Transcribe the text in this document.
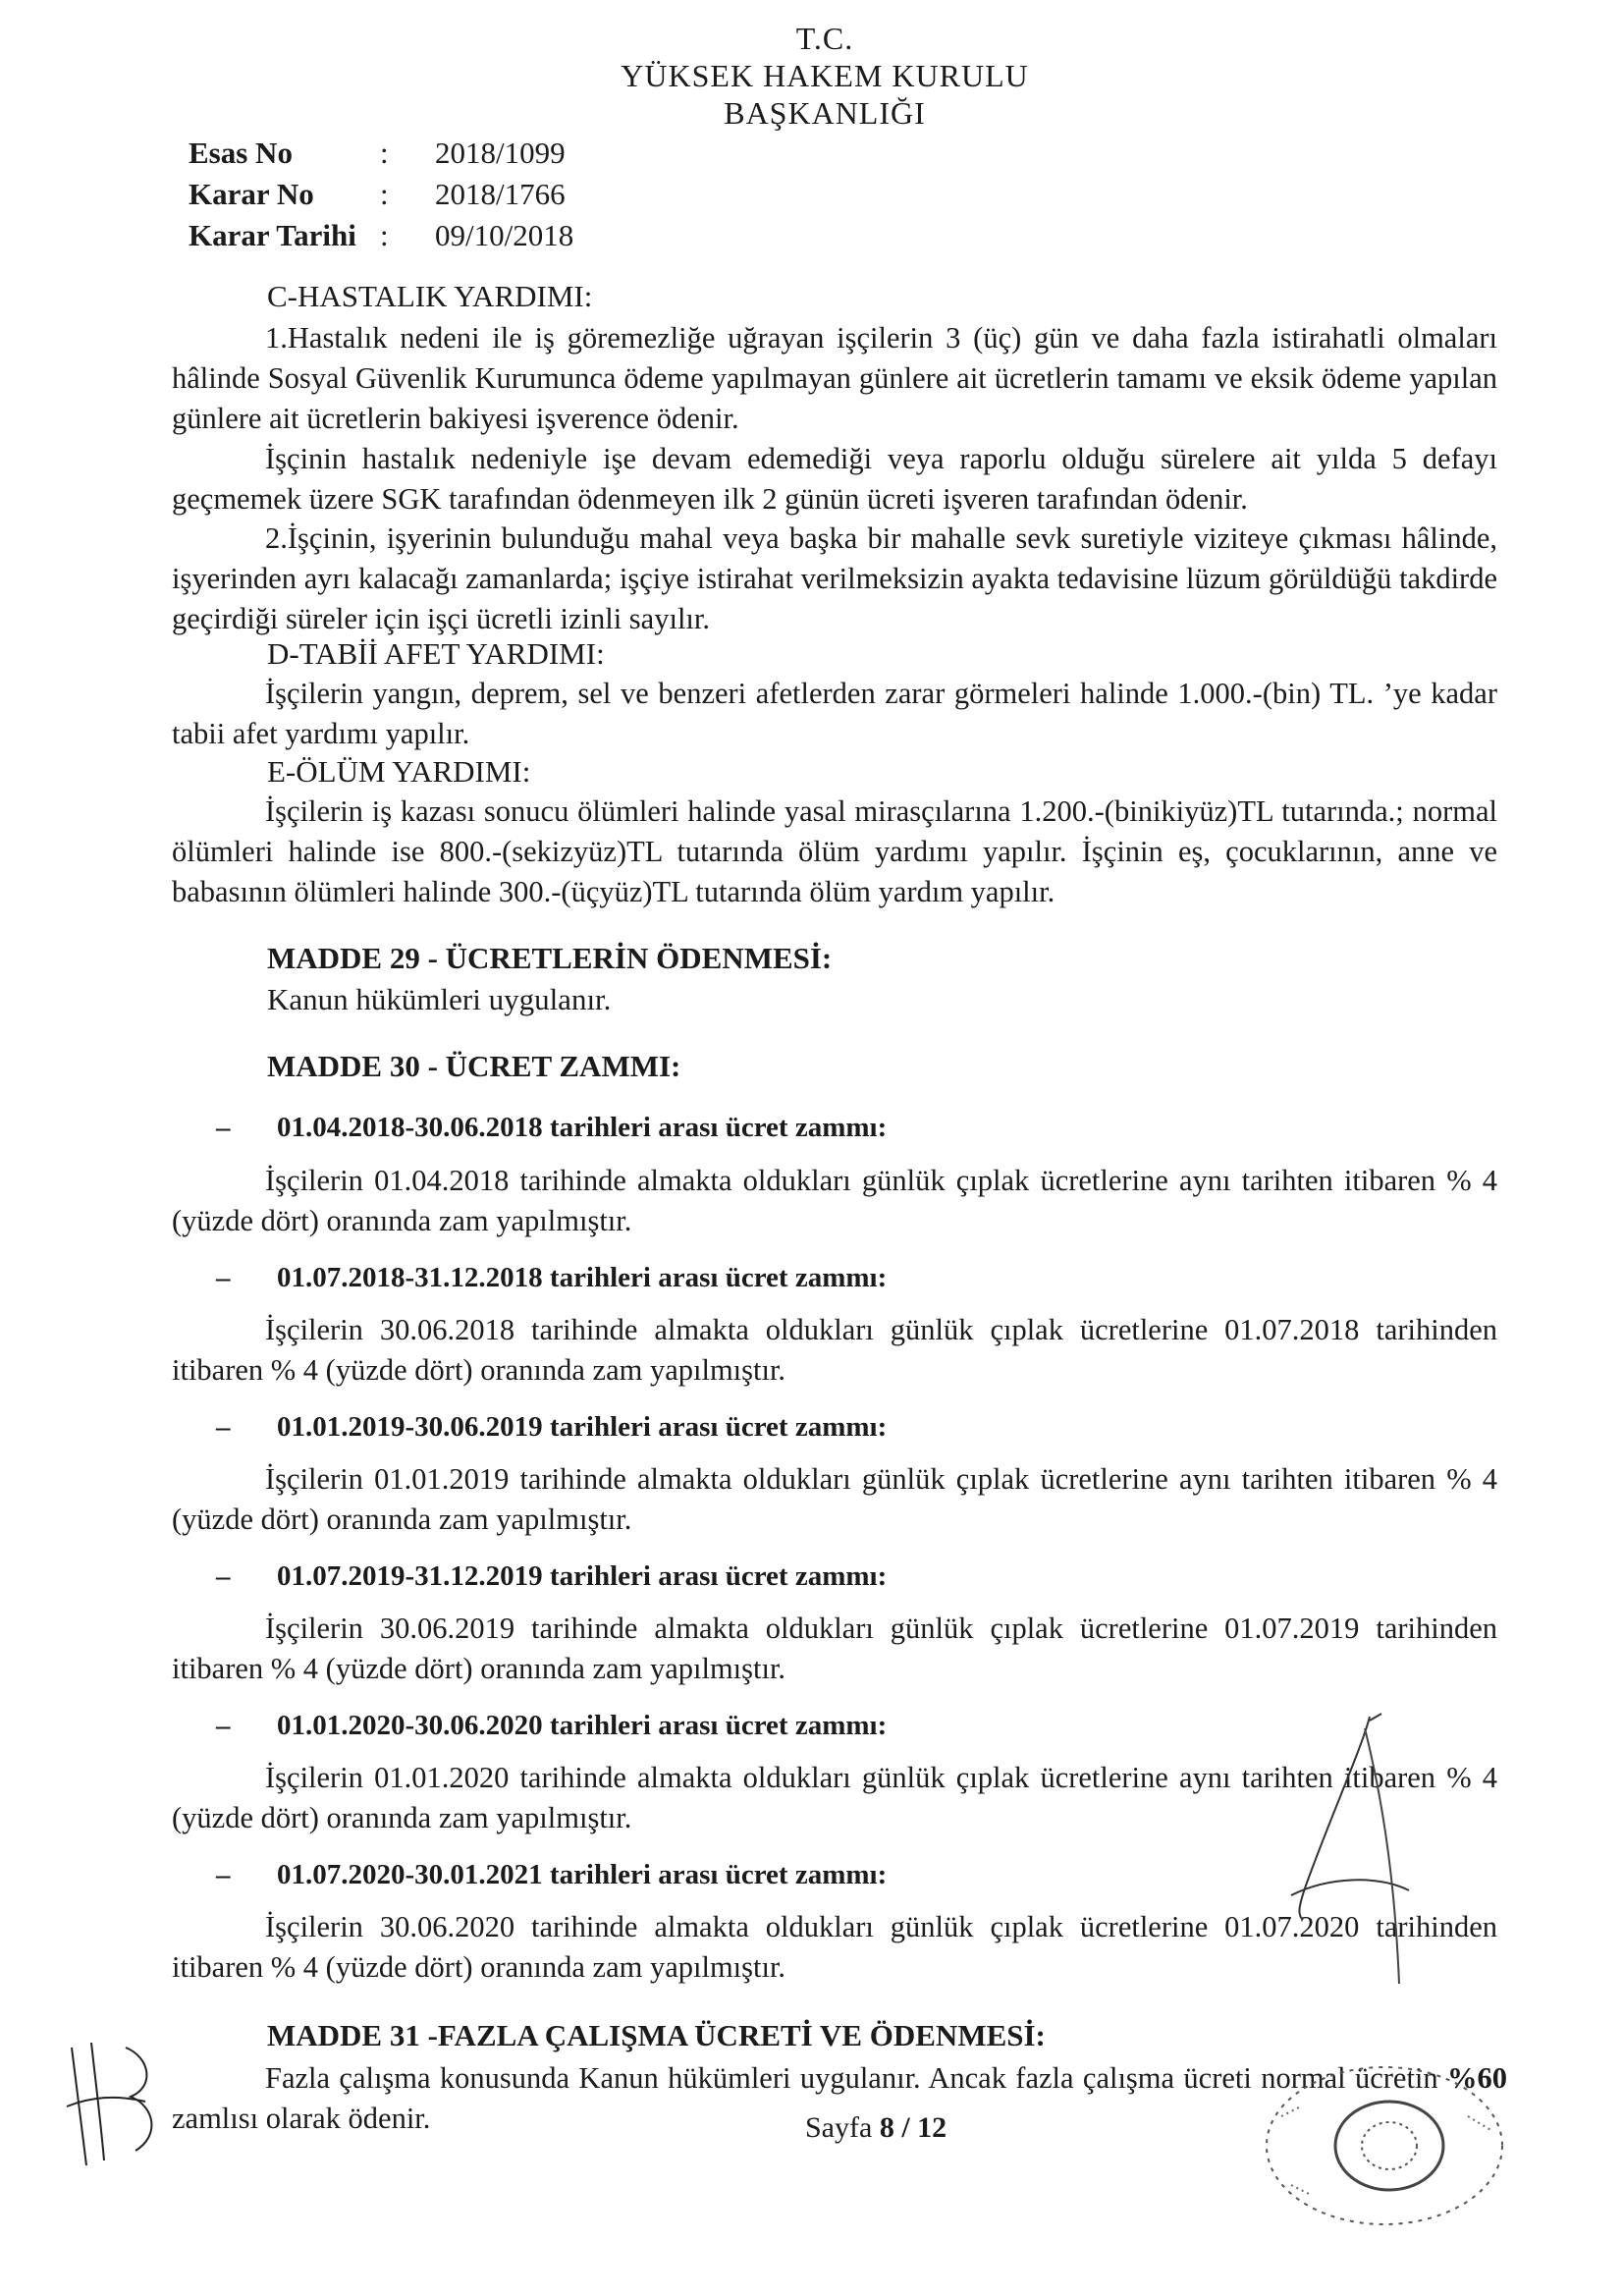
T.C.
YÜKSEK HAKEM KURULU
BAŞKANLIĞI
Esas No	:	2018/1099
Karar No	:	2018/1766
Karar Tarihi :	09/10/2018
C-HASTALIK YARDIMI:
1.Hastalık nedeni ile iş göremezliğe uğrayan işçilerin 3 (üç) gün ve daha fazla istirahatli olmaları hâlinde Sosyal Güvenlik Kurumunca ödeme yapılmayan günlere ait ücretlerin tamamı ve eksik ödeme yapılan günlere ait ücretlerin bakiyesi işverence ödenir.
İşçinin hastalık nedeniyle işe devam edemediği veya raporlu olduğu sürelere ait yılda 5 defayı geçmemek üzere SGK tarafından ödenmeyen ilk 2 günün ücreti işveren tarafından ödenir.
2.İşçinin, işyerinin bulunduğu mahal veya başka bir mahalle sevk suretiyle viziteye çıkması hâlinde, işyerinden ayrı kalacağı zamanlarda; işçiye istirahat verilmeksizin ayakta tedavisine lüzum görüldüğü takdirde geçirdiği süreler için işçi ücretli izinli sayılır.
D-TABİİ AFET YARDIMI:
İşçilerin yangın, deprem, sel ve benzeri afetlerden zarar görmeleri halinde 1.000.-(bin) TL. ’ye kadar tabii afet yardımı yapılır.
E-ÖLÜM YARDIMI:
İşçilerin iş kazası sonucu ölümleri halinde yasal mirasçılarına 1.200.-(binikiyüz)TL tutarında.; normal ölümleri halinde ise 800.-(sekizyüz)TL tutarında ölüm yardımı yapılır. İşçinin eş, çocuklarının, anne ve babasının ölümleri halinde 300.-(üçyüz)TL tutarında ölüm yardım yapılır.
MADDE 29 - ÜCRETLERİN ÖDENMESİ:
Kanun hükümleri uygulanır.
MADDE 30 - ÜCRET ZAMMI:
– 01.04.2018-30.06.2018 tarihleri arası ücret zammı:
İşçilerin 01.04.2018 tarihinde almakta oldukları günlük çıplak ücretlerine aynı tarihten itibaren % 4 (yüzde dört) oranında zam yapılmıştır.
– 01.07.2018-31.12.2018 tarihleri arası ücret zammı:
İşçilerin 30.06.2018 tarihinde almakta oldukları günlük çıplak ücretlerine 01.07.2018 tarihinden itibaren % 4 (yüzde dört) oranında zam yapılmıştır.
– 01.01.2019-30.06.2019 tarihleri arası ücret zammı:
İşçilerin 01.01.2019 tarihinde almakta oldukları günlük çıplak ücretlerine aynı tarihten itibaren % 4 (yüzde dört) oranında zam yapılmıştır.
– 01.07.2019-31.12.2019 tarihleri arası ücret zammı:
İşçilerin 30.06.2019 tarihinde almakta oldukları günlük çıplak ücretlerine 01.07.2019 tarihinden itibaren % 4 (yüzde dört) oranında zam yapılmıştır.
– 01.01.2020-30.06.2020 tarihleri arası ücret zammı:
İşçilerin 01.01.2020 tarihinde almakta oldukları günlük çıplak ücretlerine aynı tarihten itibaren % 4 (yüzde dört) oranında zam yapılmıştır.
– 01.07.2020-30.01.2021 tarihleri arası ücret zammı:
İşçilerin 30.06.2020 tarihinde almakta oldukları günlük çıplak ücretlerine 01.07.2020 tarihinden itibaren % 4 (yüzde dört) oranında zam yapılmıştır.
MADDE 31 -FAZLA ÇALIŞMA ÜCRETİ VE ÖDENMESİ:
Fazla çalışma konusunda Kanun hükümleri uygulanır. Ancak fazla çalışma ücreti normal ücretin %60 zamlısı olarak ödenir.	Sayfa 8 / 12
